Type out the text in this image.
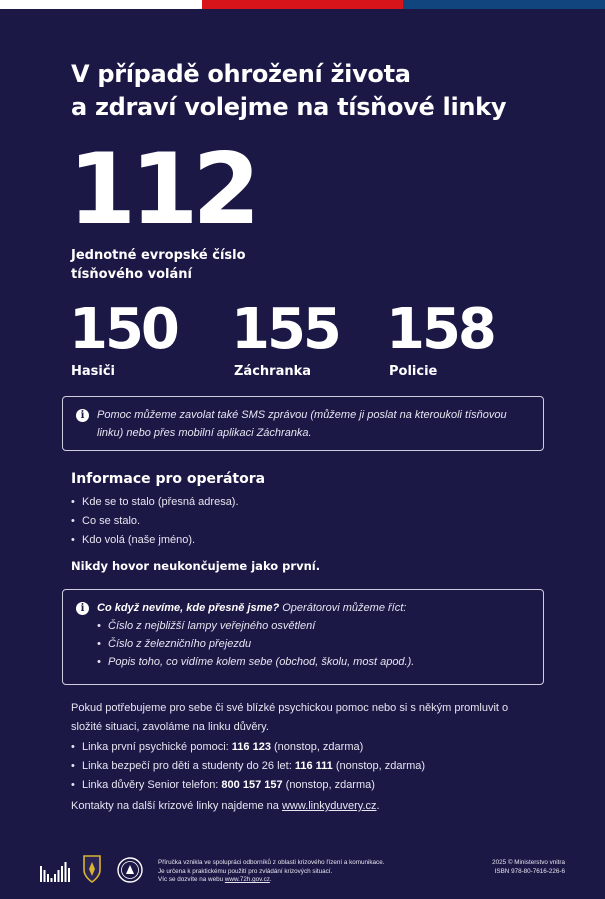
V případě ohrožení života
a zdraví volejme na tísňové linky
112
Jednotné evropské číslo tísňového volání
150
Hasiči
155
Záchranka
158
Policie
i	Pomoc můžeme zavolat také SMS zprávou (můžeme ji poslat na kteroukoli tísňovou linku) nebo přes mobilní aplikaci Záchranka.
Informace pro operátora
• Kde se to stalo (přesná adresa).
• Co se stalo.
• Kdo volá (naše jméno).
Nikdy hovor neukončujeme jako první.
i	Co když nevíme, kde přesně jsme? Operátorovi můžeme říct:
• Číslo z nejbližší lampy veřejného osvětlení
• Číslo z železničního přejezdu
• Popis toho, co vidíme kolem sebe (obchod, školu, most apod.).

Pokud potřebujeme pro sebe či své blízké psychickou pomoc nebo si s někým promluvit o složité situaci, zavoláme na linku důvěry.

• Linka první psychické pomoci: 116 123 (nonstop, zdarma)
• Linka bezpečí pro děti a studenty do 26 let: 116 111 (nonstop, zdarma)
• Linka důvěry Senior telefon: 800 157 157 (nonstop, zdarma)

Kontakty na další krizové linky najdeme na www.linkyduvery.cz.

Příručka vznikla ve spolupráci odborníků z oblasti krizového řízení a komunikace.
Je určena k praktickému použití pro zvládání krizových situací.
Víc se dozvíte na webu www.72h.gov.cz.
2025 © Ministerstvo vnitra
ISBN 978-80-7616-226-6
